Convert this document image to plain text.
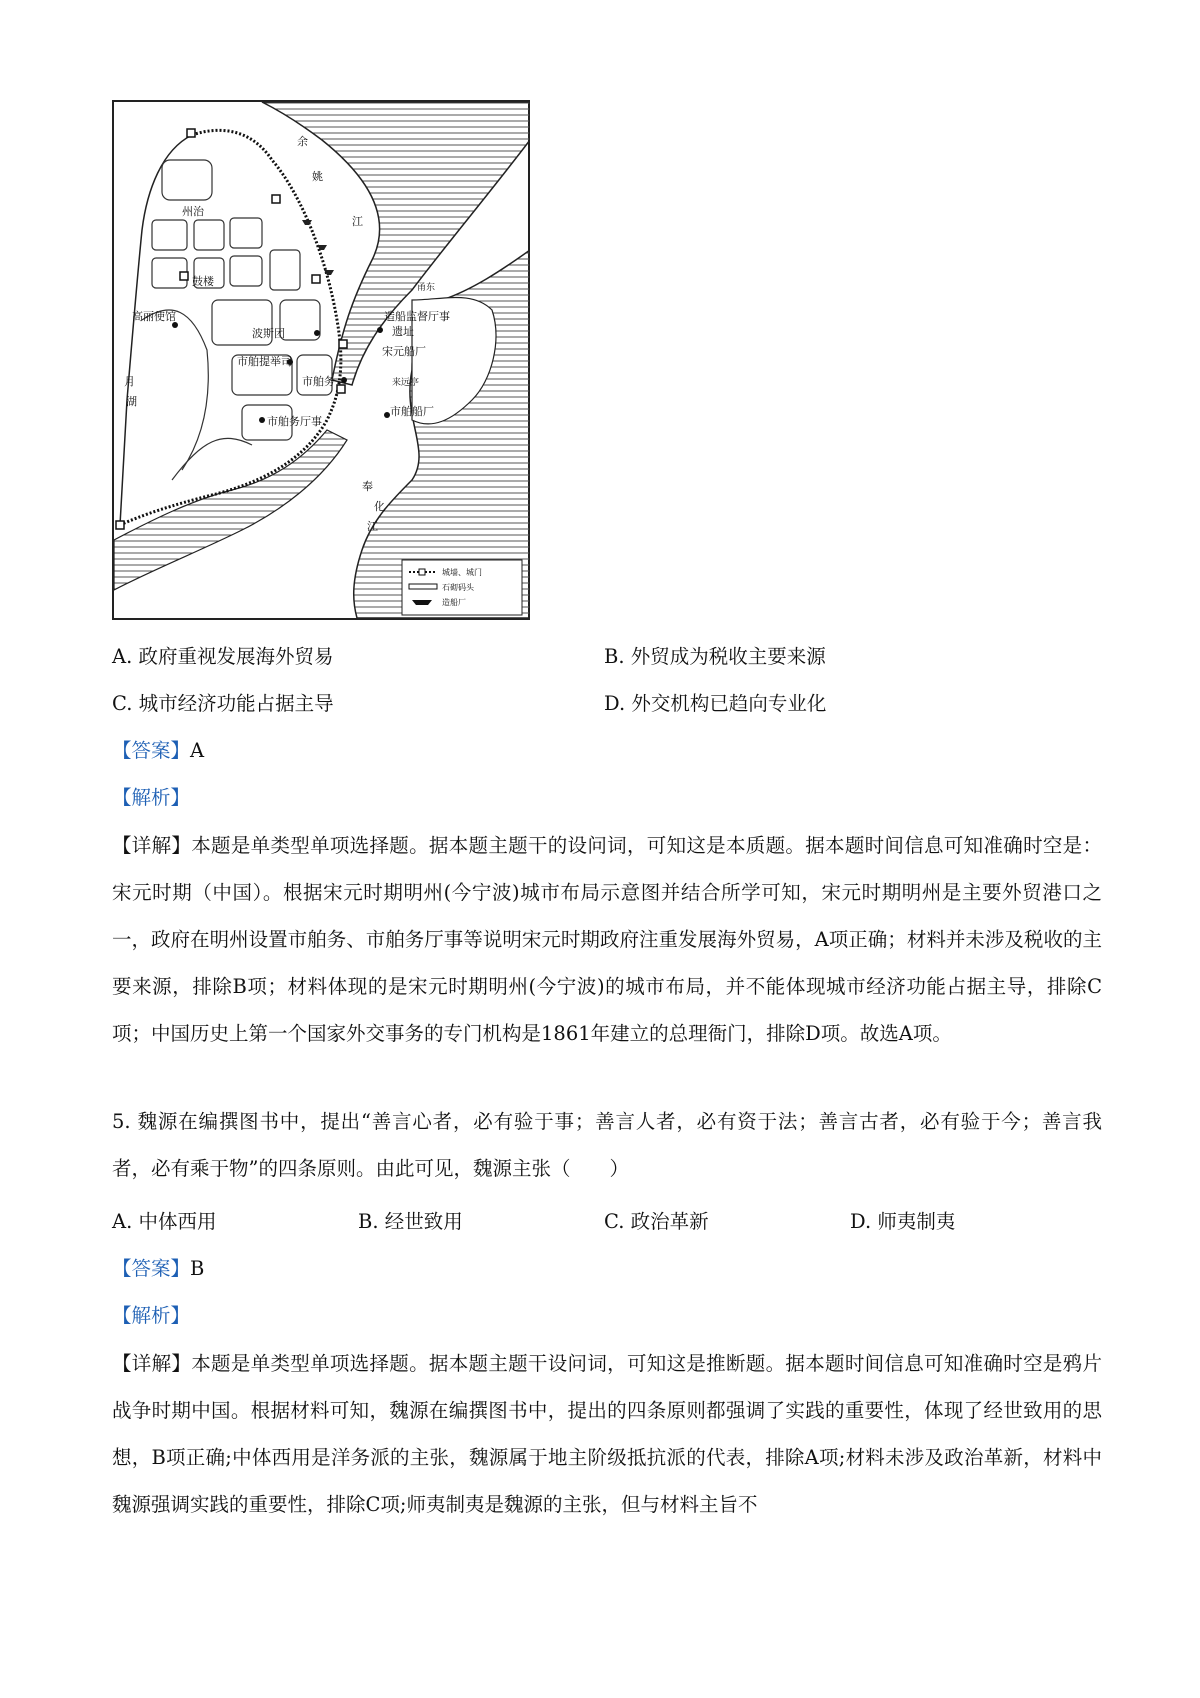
余
姚
江
州治
鼓楼
高丽使馆
波斯团
市舶提举司
市舶务
市舶务厅事
造船监督厅事
遗址
宋元船厂
市舶船厂
来远亭
甬东
奉
化
江
月
湖
城墙、城门
石砌码头
造船厂
A. 政府重视发展海外贸易	B. 外贸成为税收主要来源
C. 城市经济功能占据主导	D. 外交机构已趋向专业化
【答案】A
【解析】
【详解】本题是单类型单项选择题。据本题主题干的设问词，可知这是本质题。据本题时间信息可知准确时空是：宋元时期（中国）。根据宋元时期明州(今宁波)城市布局示意图并结合所学可知，宋元时期明州是主要外贸港口之一，政府在明州设置市舶务、市舶务厅事等说明宋元时期政府注重发展海外贸易，A项正确；材料并未涉及税收的主要来源，排除B项；材料体现的是宋元时期明州(今宁波)的城市布局，并不能体现城市经济功能占据主导，排除C项；中国历史上第一个国家外交事务的专门机构是1861年建立的总理衙门，排除D项。故选A项。
5. 魏源在编撰图书中，提出“善言心者，必有验于事；善言人者，必有资于法；善言古者，必有验于今；善言我者，必有乘于物”的四条原则。由此可见，魏源主张（　　）
A. 中体西用	B. 经世致用	C. 政治革新	D. 师夷制夷
【答案】B
【解析】
【详解】本题是单类型单项选择题。据本题主题干设问词，可知这是推断题。据本题时间信息可知准确时空是鸦片战争时期中国。根据材料可知，魏源在编撰图书中，提出的四条原则都强调了实践的重要性，体现了经世致用的思想，B项正确;中体西用是洋务派的主张，魏源属于地主阶级抵抗派的代表，排除A项;材料未涉及政治革新，材料中魏源强调实践的重要性，排除C项;师夷制夷是魏源的主张，但与材料主旨不
